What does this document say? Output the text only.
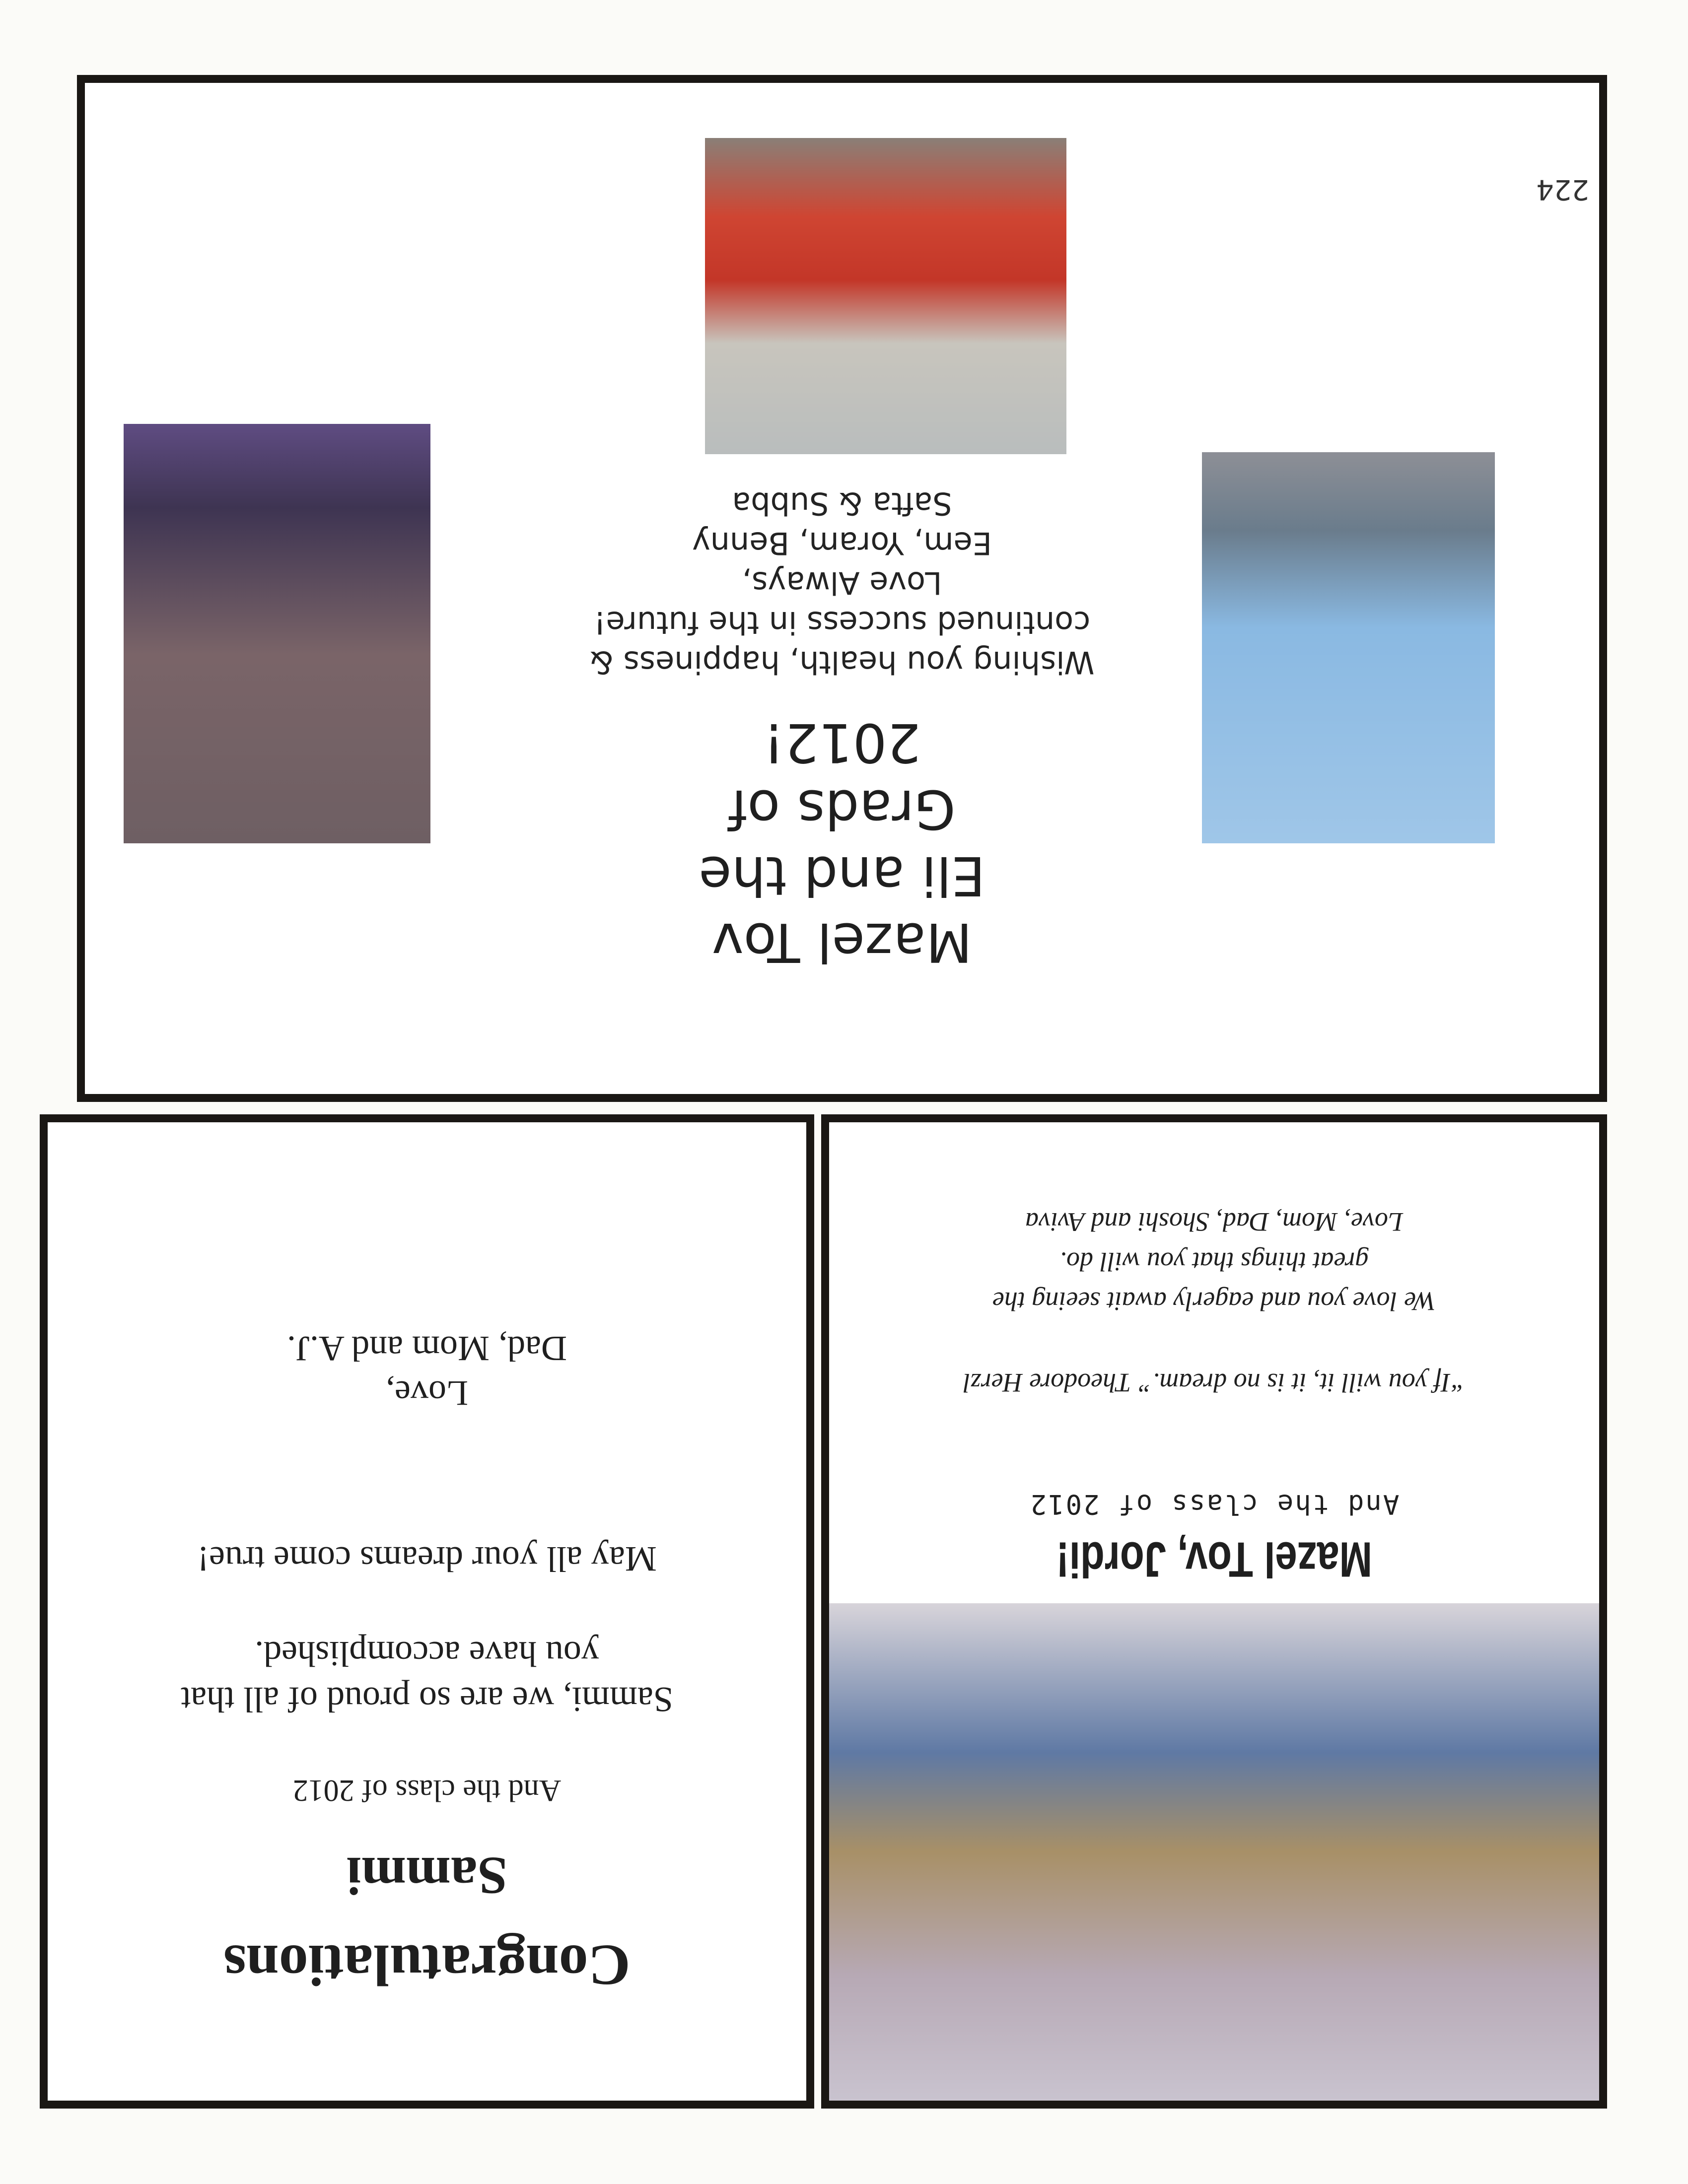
Mazel Tov
Eli and the
Grads of
2012!
Wishing you health, happiness &
continued success in the future!
Love Always,
Eem, Yoram, Benny
Safta & Subba
224
Mazel Tov, Jordi!
And the class of 2012
“If you will it, it is no dream.” Theodore Herzl
We love you and eagerly await seeing the
great things that you will do.
Love, Mom, Dad, Shoshi and Aviva
Congratulations
Sammi
And the class of 2012
Sammi, we are so proud of all that
you have accomplished.
May all your dreams come true!
Love,
Dad, Mom and A.J.
